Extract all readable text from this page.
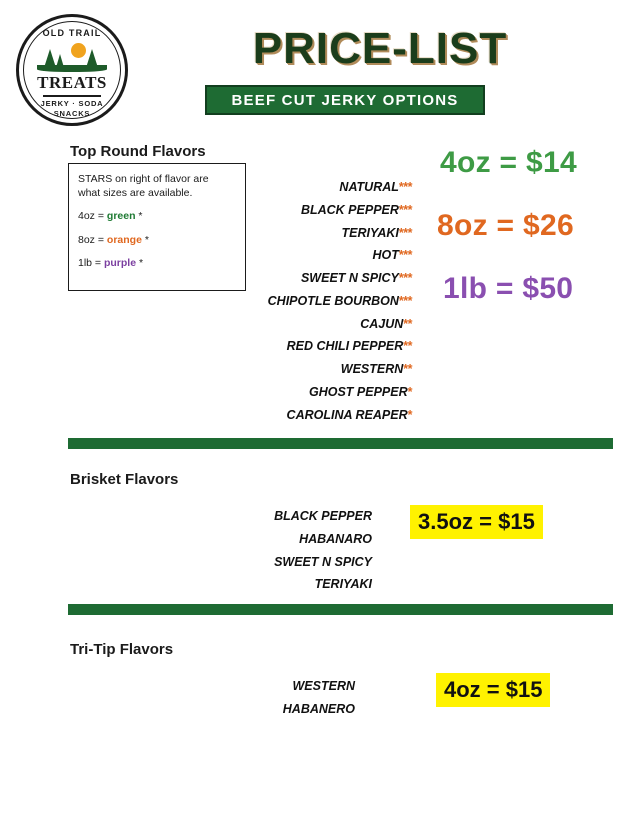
OLD TRAIL
TREATS
JERKY · SODA
SNACKS
PRICE-LIST
BEEF CUT JERKY OPTIONS
Top Round Flavors

STARS on right of flavor are
what sizes are available.

4oz = green *

8oz = orange *

1lb = purple *

NATURAL***
BLACK PEPPER***
TERIYAKI***
HOT***
SWEET N SPICY***
CHIPOTLE BOURBON***
CAJUN**
RED CHILI PEPPER**
WESTERN**
GHOST PEPPER*
CAROLINA REAPER*
4oz = $14
8oz = $26
1lb = $50
Brisket Flavors
BLACK PEPPER
HABANARO
SWEET N SPICY
TERIYAKI
3.5oz = $15
Tri-Tip Flavors
WESTERN
HABANERO
4oz = $15
